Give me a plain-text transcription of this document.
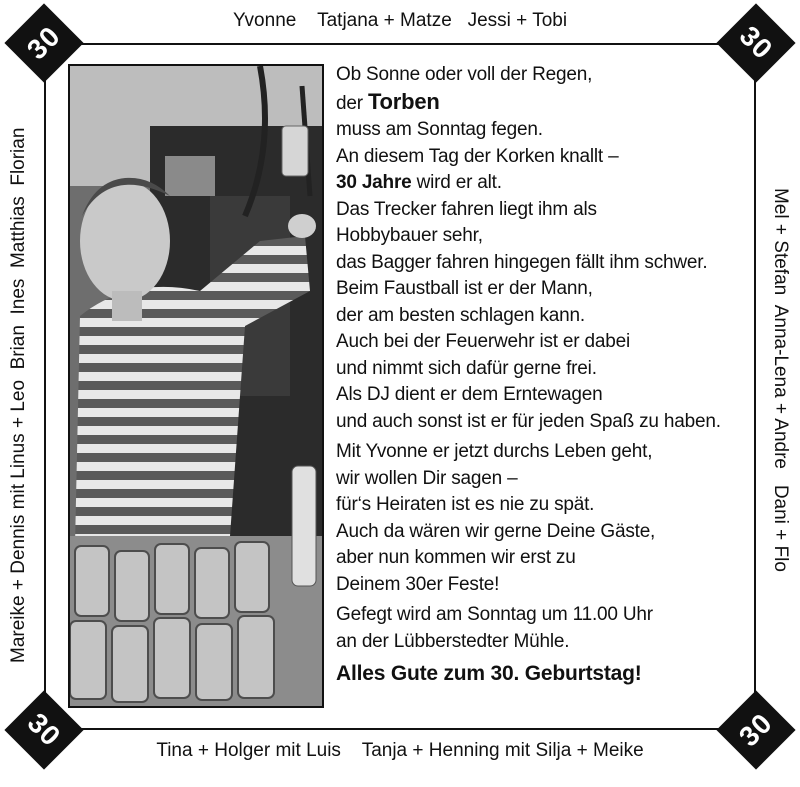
30	30
30	30
Yvonne    Tatjana + Matze   Jessi + Tobi
Tina + Holger mit Luis    Tanja + Henning mit Silja + Meike
Mareike + Dennis mit Linus + Leo  Brian  Ines  Matthias  Florian	Mel + Stefan  Anna-Lena + Andre   Dani + Flo
Ob Sonne oder voll der Regen,
der Torben
muss am Sonntag fegen.
An diesem Tag der Korken knallt –
30 Jahre wird er alt.
Das Trecker fahren liegt ihm als
Hobbybauer sehr,
das Bagger fahren hingegen fällt ihm schwer.
Beim Faustball ist er der Mann,
der am besten schlagen kann.
Auch bei der Feuerwehr ist er dabei
und nimmt sich dafür gerne frei.
Als DJ dient er dem Erntewagen
und auch sonst ist er für jeden Spaß zu haben.
Mit Yvonne er jetzt durchs Leben geht,
wir wollen Dir sagen –
für‘s Heiraten ist es nie zu spät.
Auch da wären wir gerne Deine Gäste,
aber nun kommen wir erst zu
Deinem 30er Feste!
Gefegt wird am Sonntag um 11.00 Uhr
an der Lübberstedter Mühle.
Alles Gute zum 30. Geburtstag!
